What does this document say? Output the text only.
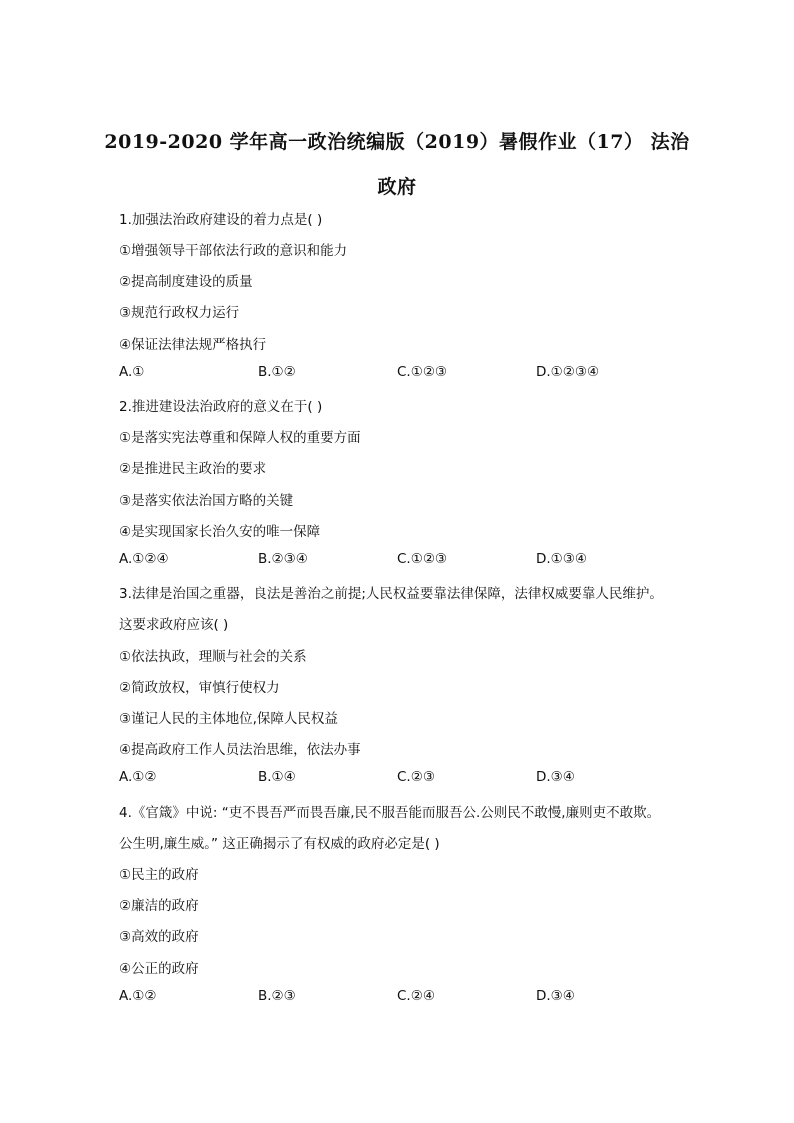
2019-2020 学年高一政治统编版（2019）暑假作业（17） 法治
政府
1.加强法治政府建设的着力点是( )
①增强领导干部依法行政的意识和能力
②提高制度建设的质量
③规范行政权力运行
④保证法律法规严格执行
A.①	B.①②	C.①②③	D.①②③④
2.推进建设法治政府的意义在于( )
①是落实宪法尊重和保障人权的重要方面
②是推进民主政治的要求
③是落实依法治国方略的关键
④是实现国家长治久安的唯一保障
A.①②④	B.②③④	C.①②③	D.①③④
3.法律是治国之重器，良法是善治之前提;人民权益要靠法律保障，法律权威要靠人民维护。
这要求政府应该( )
①依法执政，理顺与社会的关系
②简政放权，审慎行使权力
③谨记人民的主体地位,保障人民权益
④提高政府工作人员法治思维，依法办事
A.①②	B.①④	C.②③	D.③④
4.《官箴》中说: “吏不畏吾严而畏吾廉,民不服吾能而服吾公.公则民不敢慢,廉则吏不敢欺。
公生明,廉生威。” 这正确揭示了有权威的政府必定是( )
①民主的政府
②廉洁的政府
③高效的政府
④公正的政府
A.①②	B.②③	C.②④	D.③④
